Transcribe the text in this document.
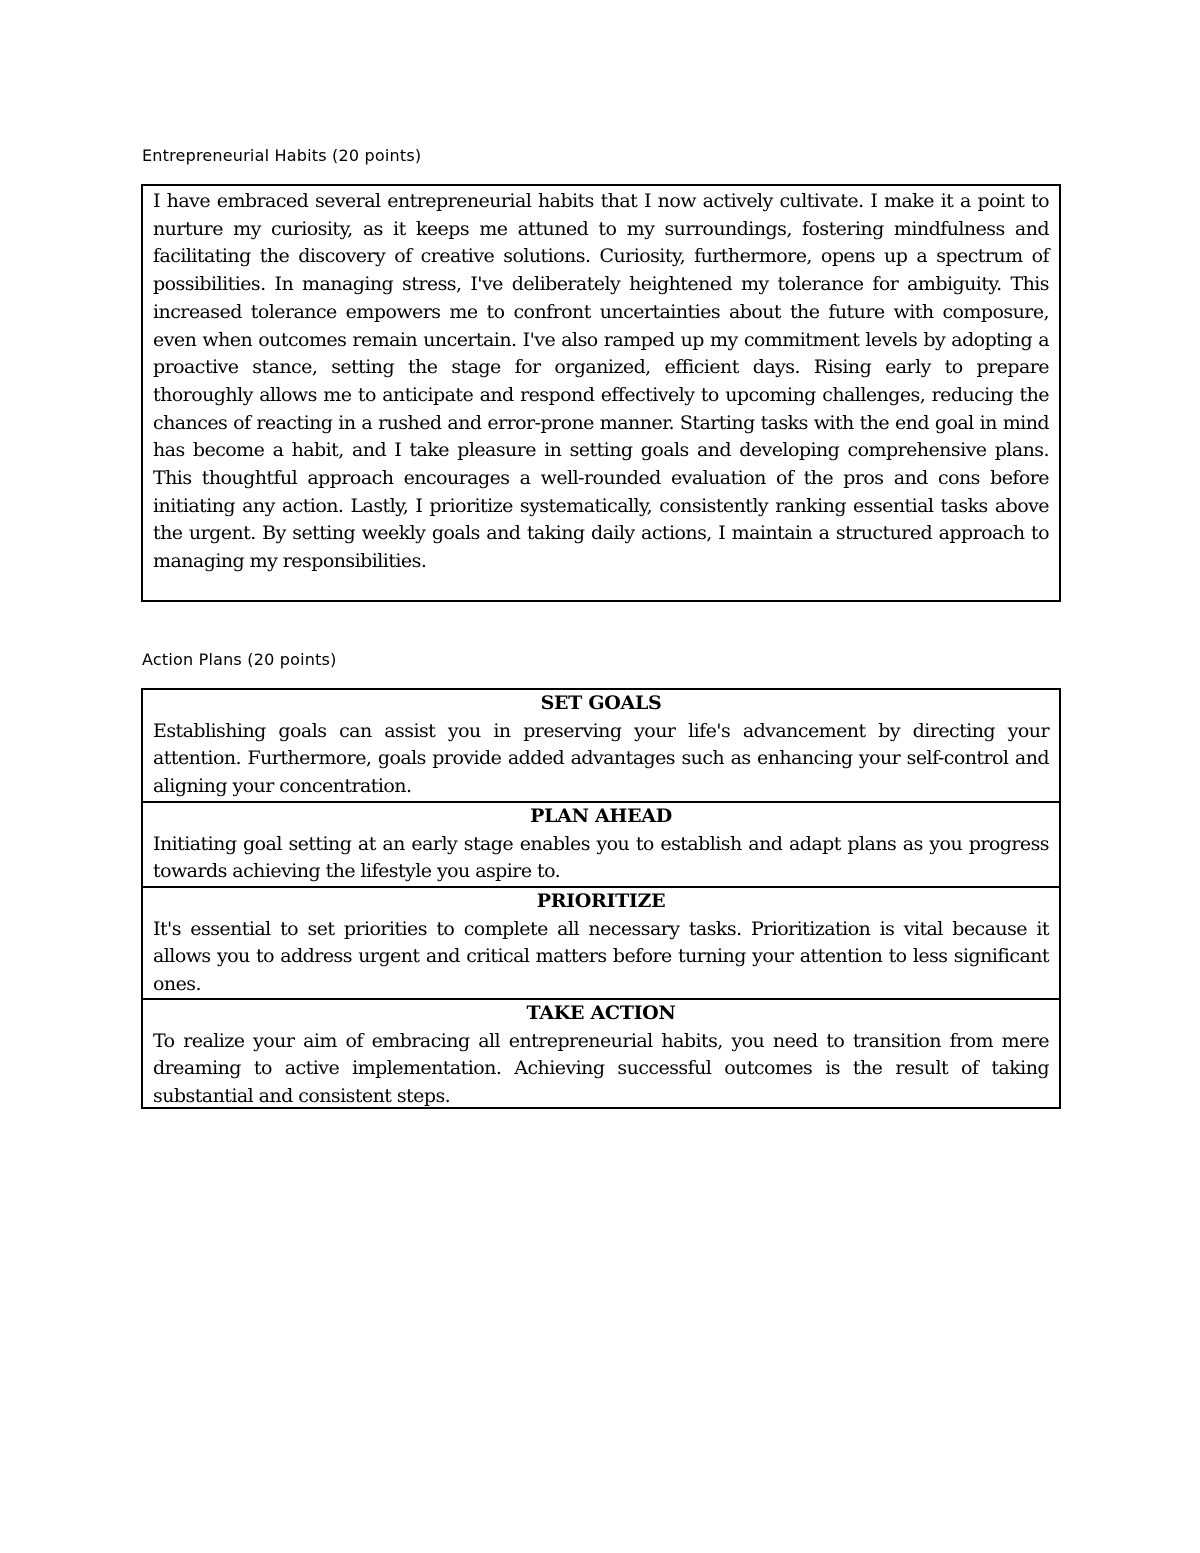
Entrepreneurial Habits (20 points)

I have embraced several entrepreneurial habits that I now actively cultivate. I make it a point to nurture my curiosity, as it keeps me attuned to my surroundings, fostering mindfulness and facilitating the discovery of creative solutions. Curiosity, furthermore, opens up a spectrum of possibilities. In managing stress, I've deliberately heightened my tolerance for ambiguity. This increased tolerance empowers me to confront uncertainties about the future with composure, even when outcomes remain uncertain. I've also ramped up my commitment levels by adopting a proactive stance, setting the stage for organized, efficient days. Rising early to prepare thoroughly allows me to anticipate and respond effectively to upcoming challenges, reducing the chances of reacting in a rushed and error-prone manner. Starting tasks with the end goal in mind has become a habit, and I take pleasure in setting goals and developing comprehensive plans. This thoughtful approach encourages a well-rounded evaluation of the pros and cons before initiating any action. Lastly, I prioritize systematically, consistently ranking essential tasks above the urgent. By setting weekly goals and taking daily actions, I maintain a structured approach to managing my responsibilities.

Action Plans (20 points)
SET GOALS
Establishing goals can assist you in preserving your life's advancement by directing your attention. Furthermore, goals provide added advantages such as enhancing your self-control and aligning your concentration.
PLAN AHEAD
Initiating goal setting at an early stage enables you to establish and adapt plans as you progress towards achieving the lifestyle you aspire to.
PRIORITIZE
It's essential to set priorities to complete all necessary tasks. Prioritization is vital because it allows you to address urgent and critical matters before turning your attention to less significant ones.
TAKE ACTION
To realize your aim of embracing all entrepreneurial habits, you need to transition from mere dreaming to active implementation. Achieving successful outcomes is the result of taking substantial and consistent steps.
